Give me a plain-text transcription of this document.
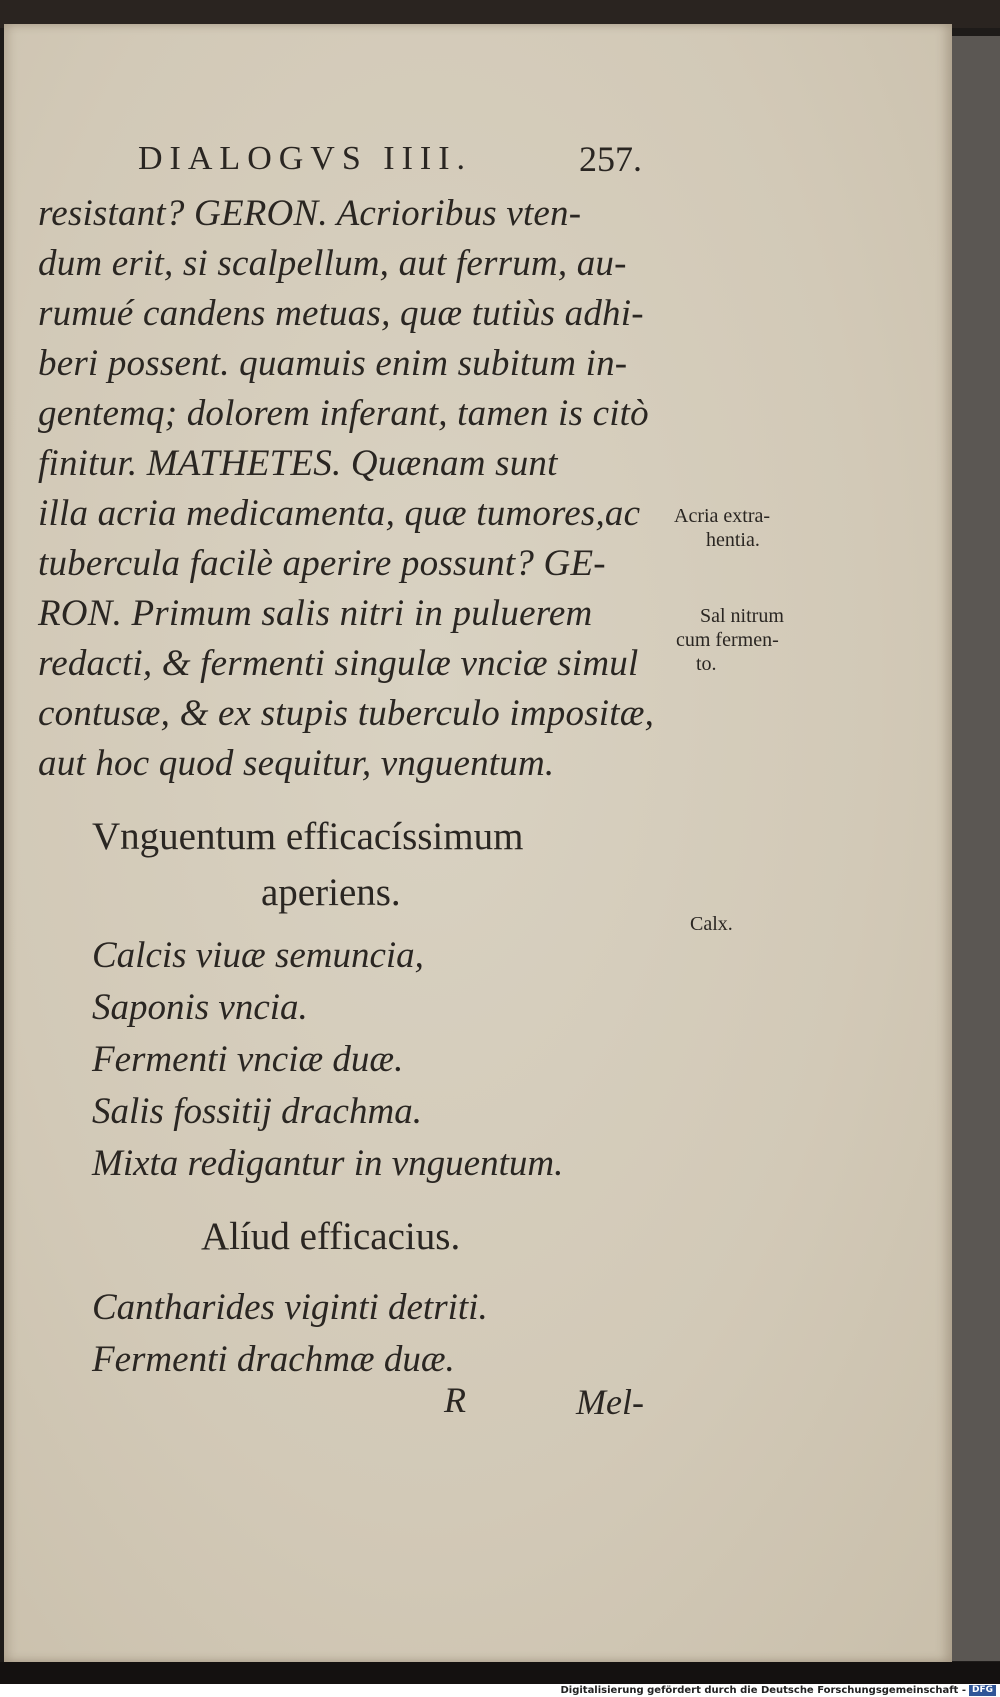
DIALOGVS IIII.	257.
resistant? GERON. Acrioribus vten-
dum erit, si scalpellum, aut ferrum, au-
rumué candens metuas, quæ tutiùs adhi-
beri possent. quamuis enim subitum in-
gentemq; dolorem inferant, tamen is citò
finitur. MATHETES. Quænam sunt
illa acria medicamenta, quæ tumores,ac
tubercula facilè aperire possunt? GE-
RON. Primum salis nitri in puluerem
redacti, & fermenti singulæ vnciæ simul
contusæ, & ex stupis tuberculo impositæ,
aut hoc quod sequitur, vnguentum.
Vnguentum efficacíssimum
aperiens.
Calcis viuæ semuncia,
Saponis vncia.
Fermenti vnciæ duæ.
Salis fossitij drachma.
Mixta redigantur in vnguentum.
Alíud efficacius.
Cantharides viginti detriti.
Fermenti drachmæ duæ.
R	Mel-
Acria extra-
hentia.
Sal nitrum
cum fermen-
to.
Calx.
Digitalisierung gefördert durch die Deutsche Forschungsgemeinschaft - DFG
